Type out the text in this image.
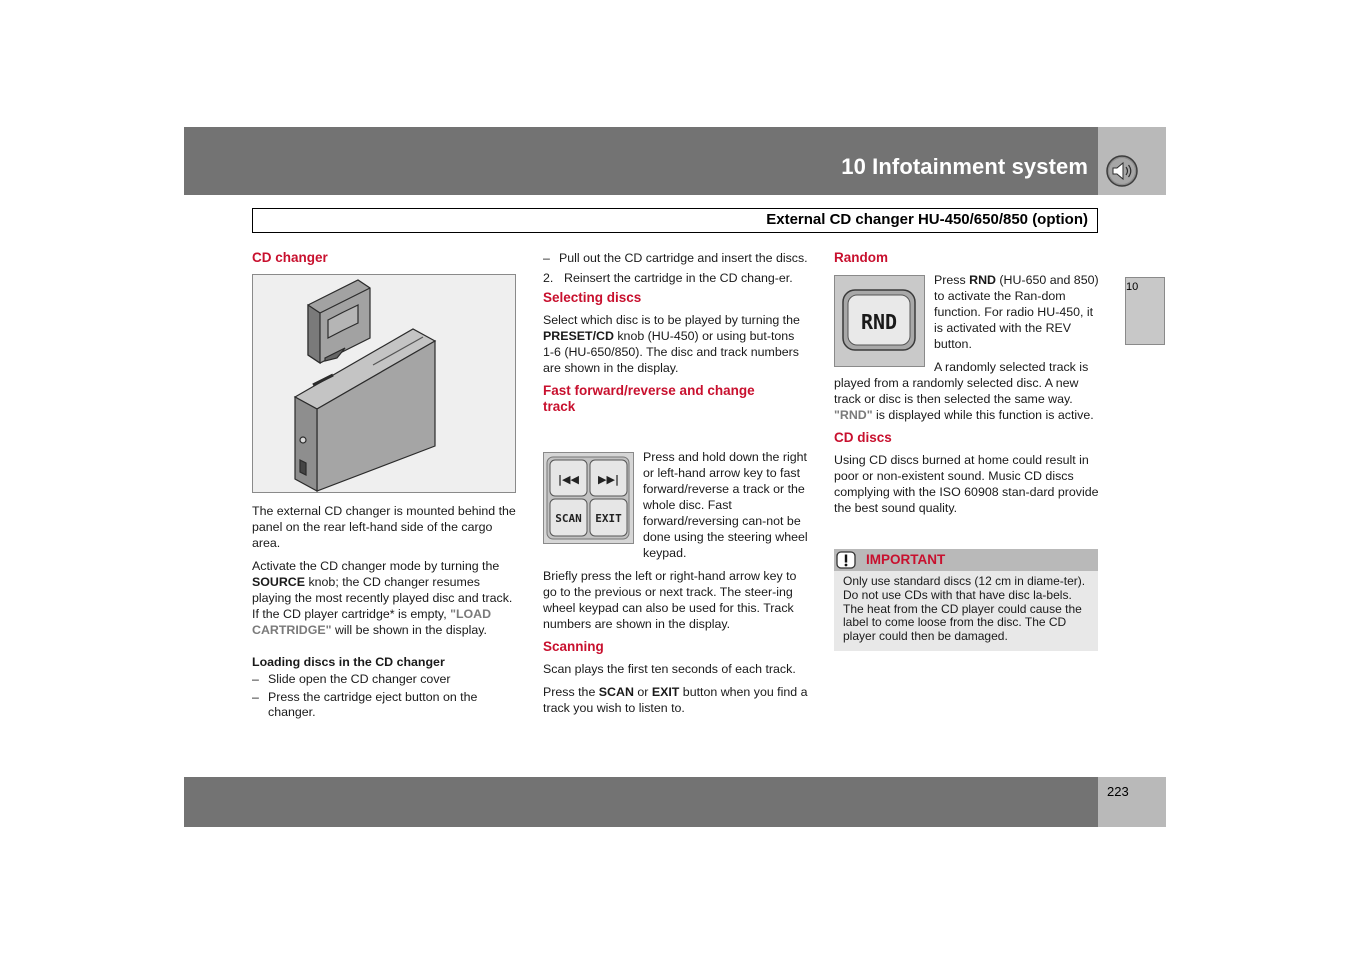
10 Infotainment system
External CD changer HU-450/650/850 (option)
10
CD changer

The external CD changer is mounted behind the panel on the rear left-hand side of the cargo area.

Activate the CD changer mode by turning the SOURCE knob; the CD changer resumes playing the most recently played disc and track. If the CD player cartridge* is empty, "LOAD CARTRIDGE" will be shown in the display.

Loading discs in the CD changer

– Slide open the CD changer cover
– Press the cartridge eject button on the changer.
– Pull out the CD cartridge and insert the discs.
2. Reinsert the cartridge in the CD chang-er.
Selecting discs

Select which disc is to be played by turning the PRESET/CD knob (HU-450) or using but-tons 1-6 (HU-650/850). The disc and track numbers are shown in the display.

Fast forward/reverse and change track
|◀◀ ▶▶|
SCAN EXIT
Press and hold down the right or left-hand arrow key to fast forward/reverse a track or the whole disc. Fast forward/reversing can-not be done using the steering wheel keypad.

Briefly press the left or right-hand arrow key to go to the previous or next track. The steer-ing wheel keypad can also be used for this. Track numbers are shown in the display.

Scanning

Scan plays the first ten seconds of each track.

Press the SCAN or EXIT button when you find a track you wish to listen to.

Random
RND
Press RND (HU-650 and 850) to activate the Ran-dom function. For radio HU-450, it is activated with the REV button.

A randomly selected track is played from a randomly selected disc. A new track or disc is then selected the same way. "RND" is displayed while this function is active.

CD discs

Using CD discs burned at home could result in poor or non-existent sound. Music CD discs complying with the ISO 60908 stan-dard provide the best sound quality.

IMPORTANT
Only use standard discs (12 cm in diame-ter). Do not use CDs with that have disc la-bels. The heat from the CD player could cause the label to come loose from the disc. The CD player could then be damaged.
223
